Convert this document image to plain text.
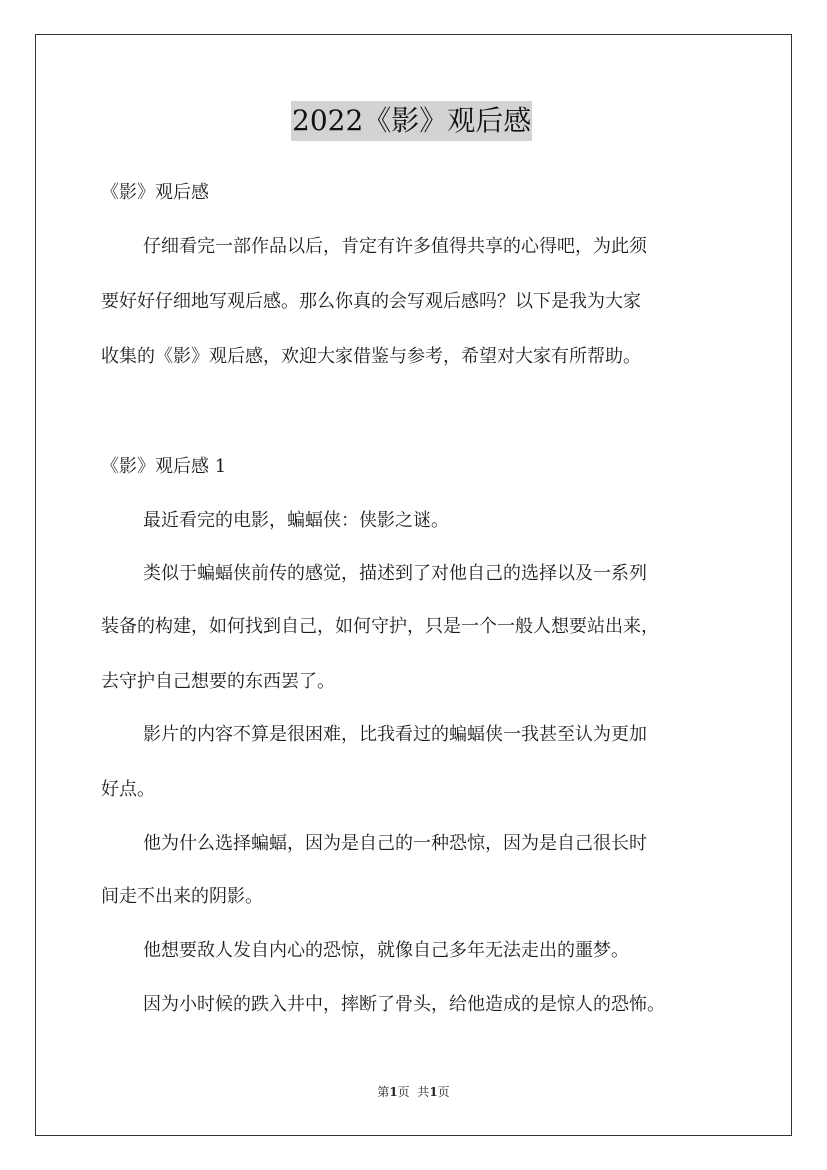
2022《影》观后感
《影》观后感
仔细看完一部作品以后，肯定有许多值得共享的心得吧，为此须
要好好仔细地写观后感。那么你真的会写观后感吗？以下是我为大家
收集的《影》观后感，欢迎大家借鉴与参考，希望对大家有所帮助。
《影》观后感 1
最近看完的电影，蝙蝠侠：侠影之谜。
类似于蝙蝠侠前传的感觉，描述到了对他自己的选择以及一系列
装备的构建，如何找到自己，如何守护，只是一个一般人想要站出来，
去守护自己想要的东西罢了。
影片的内容不算是很困难，比我看过的蝙蝠侠一我甚至认为更加
好点。
他为什么选择蝙蝠，因为是自己的一种恐惊，因为是自己很长时
间走不出来的阴影。
他想要敌人发自内心的恐惊，就像自己多年无法走出的噩梦。
因为小时候的跌入井中，摔断了骨头，给他造成的是惊人的恐怖。
第1页  共1页
